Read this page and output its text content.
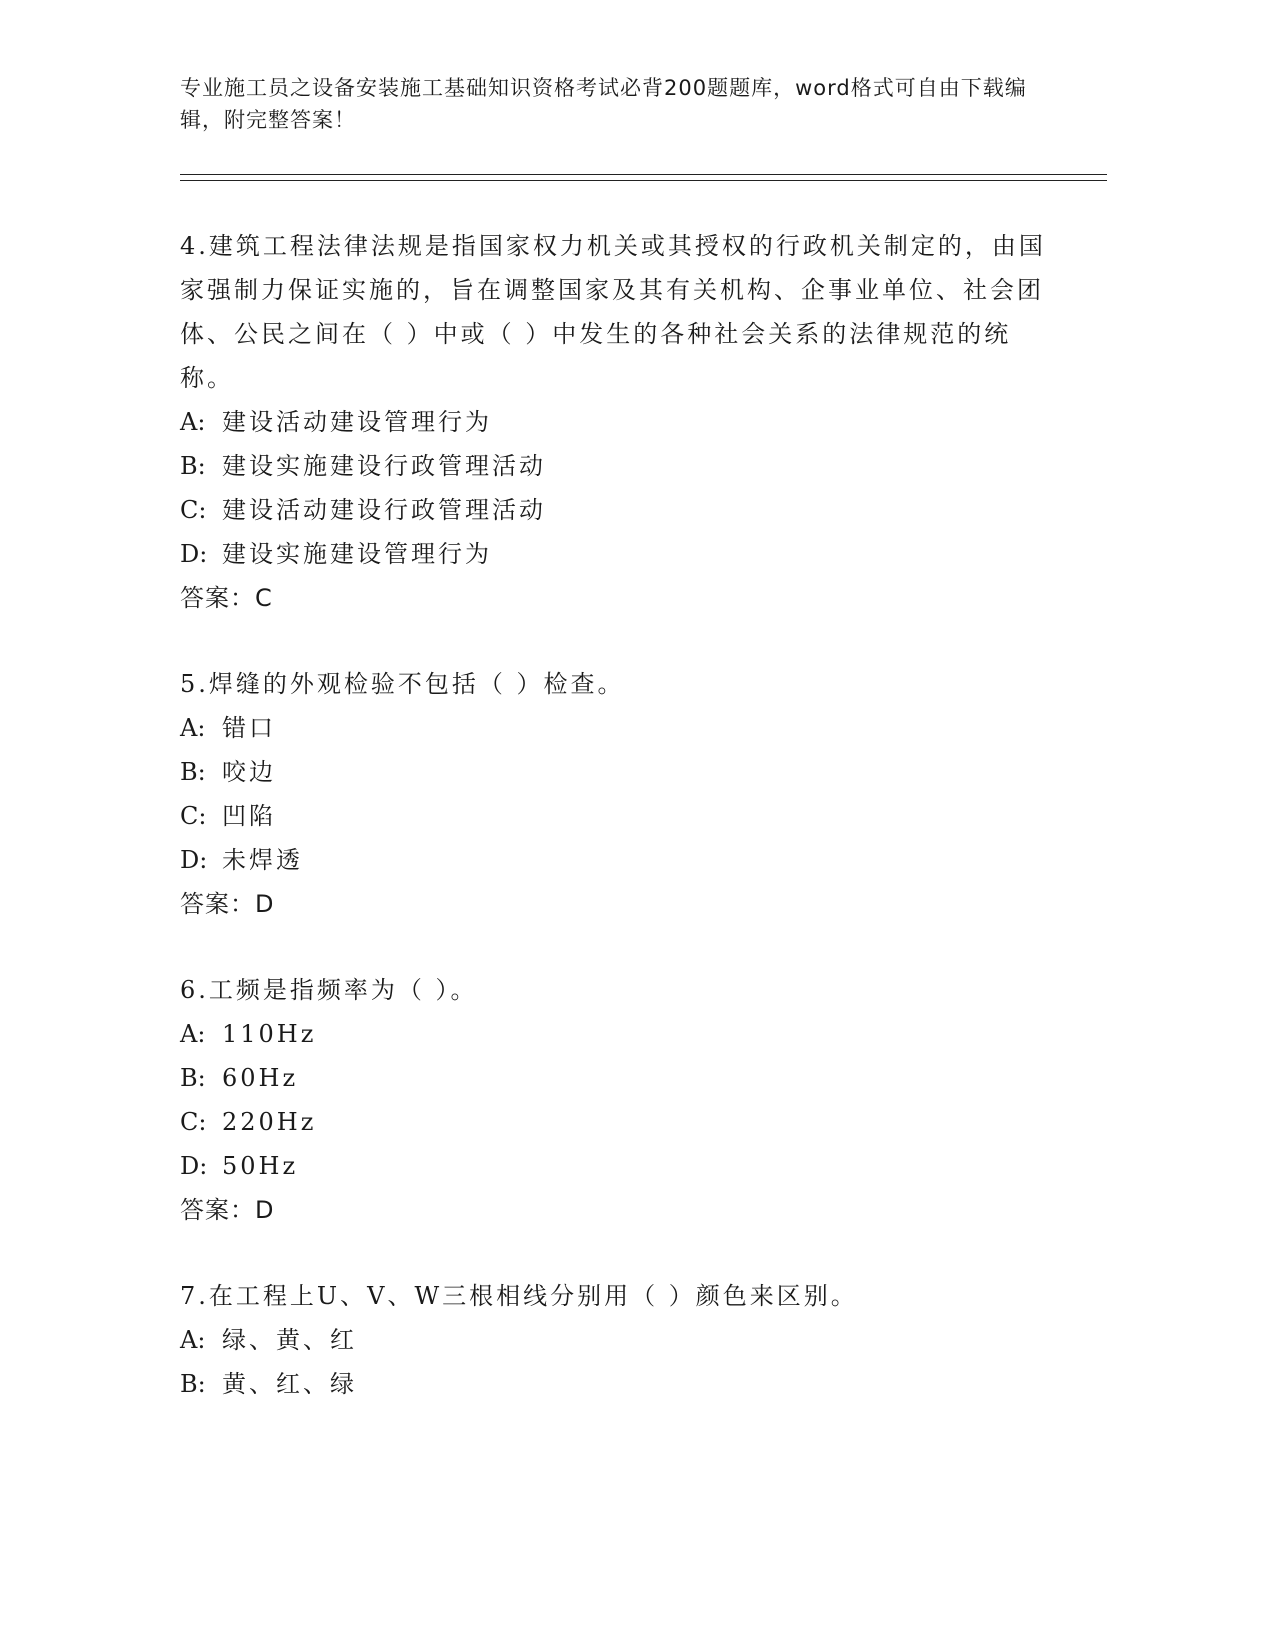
专业施工员之设备安装施工基础知识资格考试必背200题题库，word格式可自由下载编辑，附完整答案！
4.建筑工程法律法规是指国家权力机关或其授权的行政机关制定的，由国家强制力保证实施的，旨在调整国家及其有关机构、企事业单位、社会团体、公民之间在（ ）中或（ ）中发生的各种社会关系的法律规范的统称。
A: 建设活动建设管理行为
B: 建设实施建设行政管理活动
C: 建设活动建设行政管理活动
D: 建设实施建设管理行为
答案：C
5.焊缝的外观检验不包括（ ）检查。
A: 错口
B: 咬边
C: 凹陷
D: 未焊透
答案：D
6.工频是指频率为（ ）。
A: 110Hz
B: 60Hz
C: 220Hz
D: 50Hz
答案：D
7.在工程上U、V、W三根相线分别用（ ）颜色来区别。
A: 绿、黄、红
B: 黄、红、绿
